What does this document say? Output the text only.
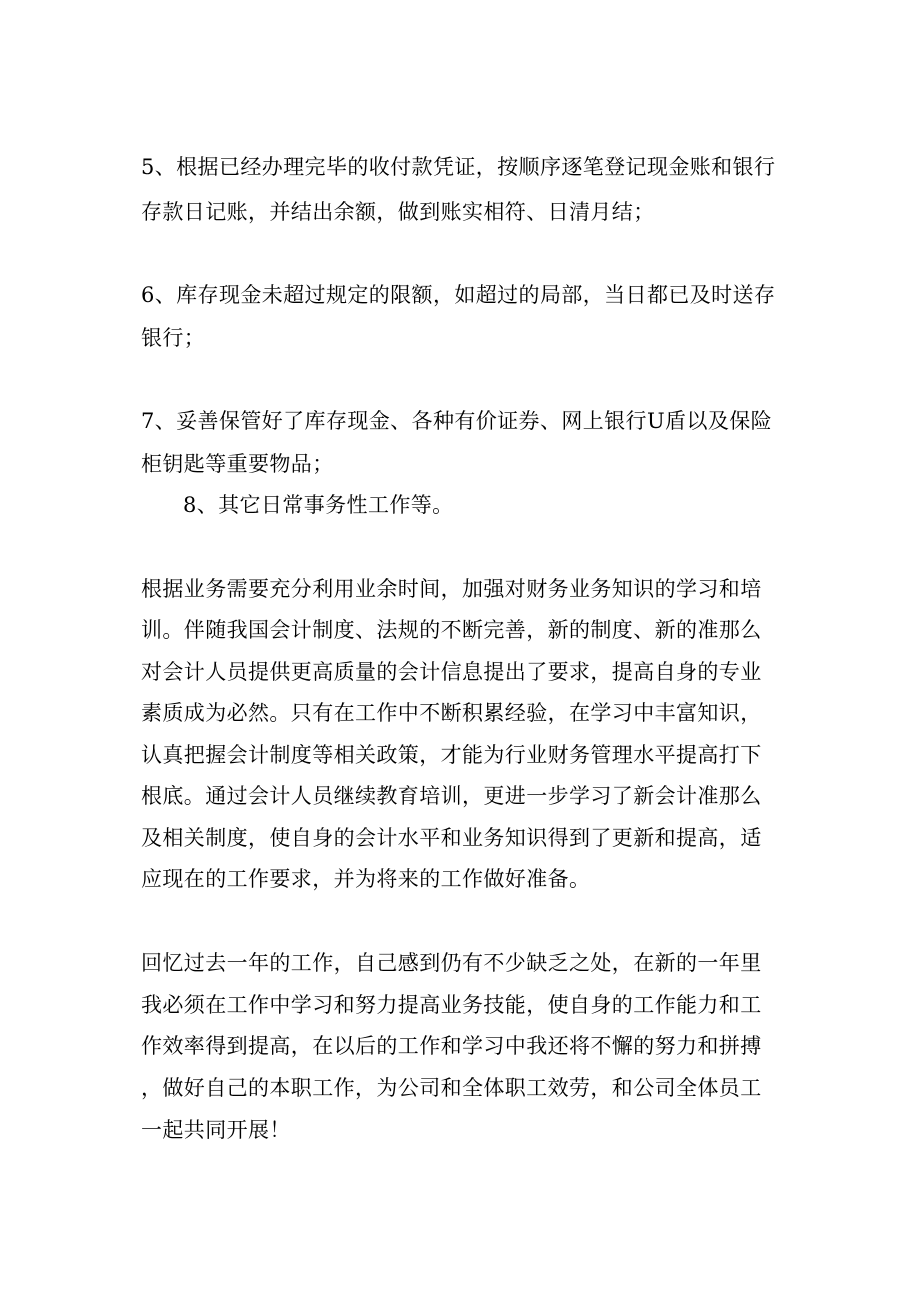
5、根据已经办理完毕的收付款凭证，按顺序逐笔登记现金账和银行

存款日记账，并结出余额，做到账实相符、日清月结；

6、库存现金未超过规定的限额，如超过的局部，当日都已及时送存

银行；

7、妥善保管好了库存现金、各种有价证券、网上银行U盾以及保险

柜钥匙等重要物品；

8、其它日常事务性工作等。

根据业务需要充分利用业余时间，加强对财务业务知识的学习和培

训。伴随我国会计制度、法规的不断完善，新的制度、新的准那么

对会计人员提供更高质量的会计信息提出了要求，提高自身的专业

素质成为必然。只有在工作中不断积累经验，在学习中丰富知识，

认真把握会计制度等相关政策，才能为行业财务管理水平提高打下

根底。通过会计人员继续教育培训，更进一步学习了新会计准那么

及相关制度，使自身的会计水平和业务知识得到了更新和提高，适

应现在的工作要求，并为将来的工作做好准备。

回忆过去一年的工作，自己感到仍有不少缺乏之处，在新的一年里

我必须在工作中学习和努力提高业务技能，使自身的工作能力和工

作效率得到提高，在以后的工作和学习中我还将不懈的努力和拼搏

，做好自己的本职工作，为公司和全体职工效劳，和公司全体员工

一起共同开展！
